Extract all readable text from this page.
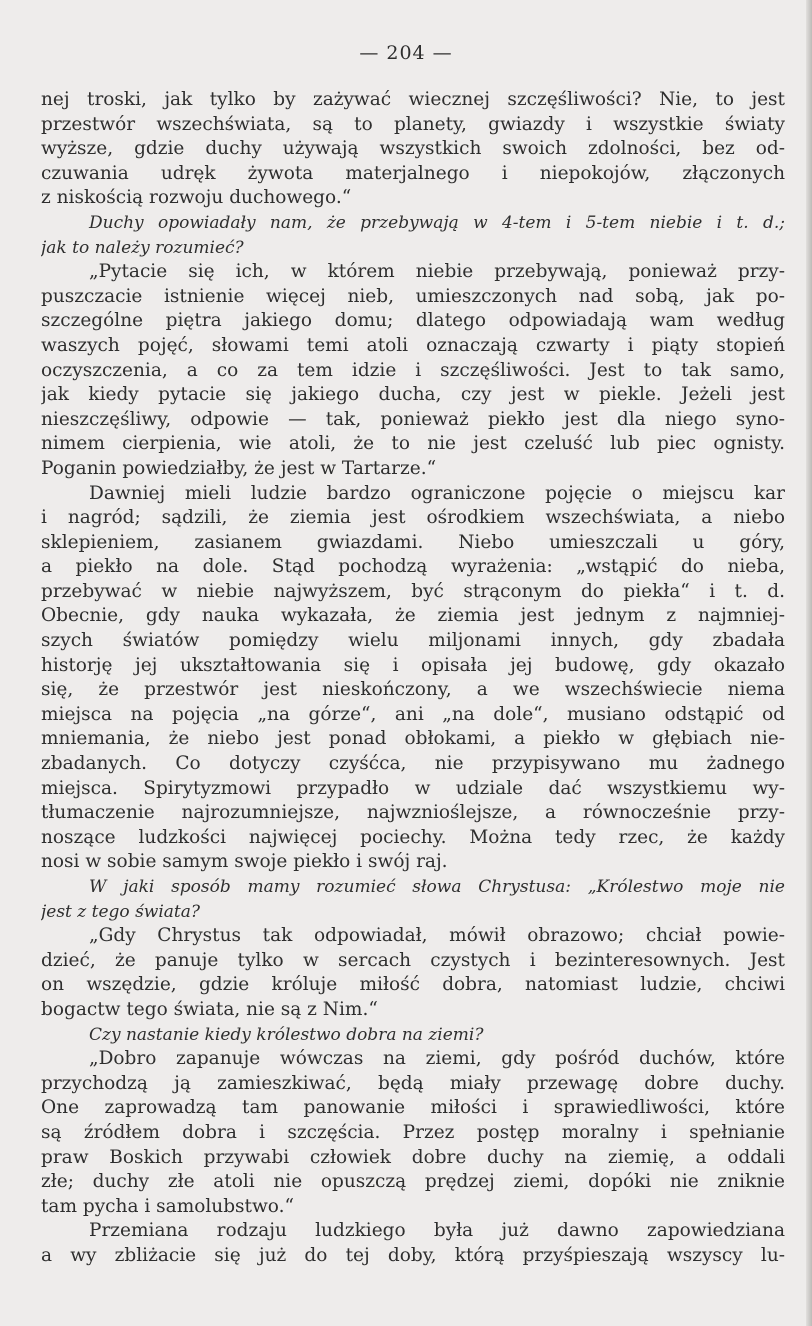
— 204 —
nej troski, jak tylko by zażywać wiecznej szczęśliwości? Nie, to jest
przestwór wszechświata, są to planety, gwiazdy i wszystkie światy
wyższe, gdzie duchy używają wszystkich swoich zdolności, bez od-
czuwania udręk żywota materjalnego i niepokojów, złączonych
z niskością rozwoju duchowego.“
Duchy opowiadały nam, że przebywają w 4-tem i 5-tem niebie i t. d.;
jak to należy rozumieć?
„Pytacie się ich, w którem niebie przebywają, ponieważ przy-
puszczacie istnienie więcej nieb, umieszczonych nad sobą, jak po-
szczególne piętra jakiego domu; dlatego odpowiadają wam według
waszych pojęć, słowami temi atoli oznaczają czwarty i piąty stopień
oczyszczenia, a co za tem idzie i szczęśliwości. Jest to tak samo,
jak kiedy pytacie się jakiego ducha, czy jest w piekle. Jeżeli jest
nieszczęśliwy, odpowie — tak, ponieważ piekło jest dla niego syno-
nimem cierpienia, wie atoli, że to nie jest czeluść lub piec ognisty.
Poganin powiedziałby, że jest w Tartarze.“
Dawniej mieli ludzie bardzo ograniczone pojęcie o miejscu kar
i nagród; sądzili, że ziemia jest ośrodkiem wszechświata, a niebo
sklepieniem, zasianem gwiazdami. Niebo umieszczali u góry,
a piekło na dole. Stąd pochodzą wyrażenia: „wstąpić do nieba,
przebywać w niebie najwyższem, być strąconym do piekła“ i t. d.
Obecnie, gdy nauka wykazała, że ziemia jest jednym z najmniej-
szych światów pomiędzy wielu miljonami innych, gdy zbadała
historję jej ukształtowania się i opisała jej budowę, gdy okazało
się, że przestwór jest nieskończony, a we wszechświecie niema
miejsca na pojęcia „na górze“, ani „na dole“, musiano odstąpić od
mniemania, że niebo jest ponad obłokami, a piekło w głębiach nie-
zbadanych. Co dotyczy czyśćca, nie przypisywano mu żadnego
miejsca. Spirytyzmowi przypadło w udziale dać wszystkiemu wy-
tłumaczenie najrozumniejsze, najwznioślejsze, a równocześnie przy-
noszące ludzkości najwięcej pociechy. Można tedy rzec, że każdy
nosi w sobie samym swoje piekło i swój raj.
W jaki sposób mamy rozumieć słowa Chrystusa: „Królestwo moje nie
jest z tego świata?
„Gdy Chrystus tak odpowiadał, mówił obrazowo; chciał powie-
dzieć, że panuje tylko w sercach czystych i bezinteresownych. Jest
on wszędzie, gdzie króluje miłość dobra, natomiast ludzie, chciwi
bogactw tego świata, nie są z Nim.“
Czy nastanie kiedy królestwo dobra na ziemi?
„Dobro zapanuje wówczas na ziemi, gdy pośród duchów, które
przychodzą ją zamieszkiwać, będą miały przewagę dobre duchy.
One zaprowadzą tam panowanie miłości i sprawiedliwości, które
są źródłem dobra i szczęścia. Przez postęp moralny i spełnianie
praw Boskich przywabi człowiek dobre duchy na ziemię, a oddali
złe; duchy złe atoli nie opuszczą prędzej ziemi, dopóki nie zniknie
tam pycha i samolubstwo.“
Przemiana rodzaju ludzkiego była już dawno zapowiedziana
a wy zbliżacie się już do tej doby, którą przyśpieszają wszyscy lu-
